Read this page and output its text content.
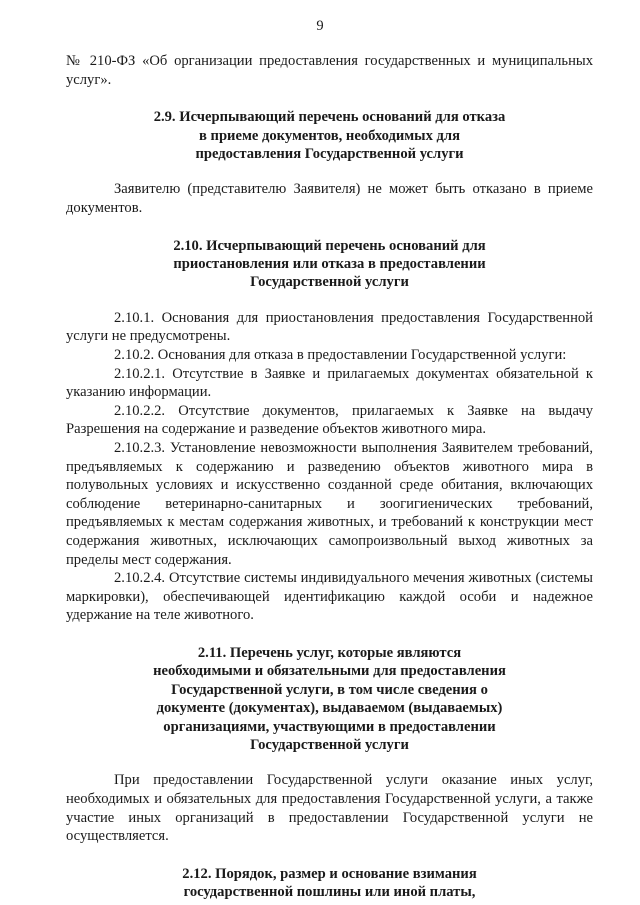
9

№ 210-ФЗ «Об организации предоставления государственных и муниципальных услуг».

2.9. Исчерпывающий перечень оснований для отказа
в приеме документов, необходимых для
предоставления Государственной услуги

Заявителю (представителю Заявителя) не может быть отказано в приеме документов.

2.10. Исчерпывающий перечень оснований для
приостановления или отказа в предоставлении
Государственной услуги

2.10.1. Основания для приостановления предоставления Государственной услуги не предусмотрены.

2.10.2. Основания для отказа в предоставлении Государственной услуги:

2.10.2.1. Отсутствие в Заявке и прилагаемых документах обязательной к указанию информации.

2.10.2.2. Отсутствие документов, прилагаемых к Заявке на выдачу Разрешения на содержание и разведение объектов животного мира.

2.10.2.3. Установление невозможности выполнения Заявителем требований, предъявляемых к содержанию и разведению объектов животного мира в полувольных условиях и искусственно созданной среде обитания, включающих соблюдение ветеринарно-санитарных и зоогигиенических требований, предъявляемых к местам содержания животных, и требований к конструкции мест содержания животных, исключающих самопроизвольный выход животных за пределы мест содержания.

2.10.2.4. Отсутствие системы индивидуального мечения животных (системы маркировки), обеспечивающей идентификацию каждой особи и надежное удержание на теле животного.

2.11. Перечень услуг, которые являются
необходимыми и обязательными для предоставления
Государственной услуги, в том числе сведения о
документе (документах), выдаваемом (выдаваемых)
организациями, участвующими в предоставлении
Государственной услуги

При предоставлении Государственной услуги оказание иных услуг, необходимых и обязательных для предоставления Государственной услуги, а также участие иных организаций в предоставлении Государственной услуги не осуществляется.

2.12. Порядок, размер и основание взимания
государственной пошлины или иной платы,
